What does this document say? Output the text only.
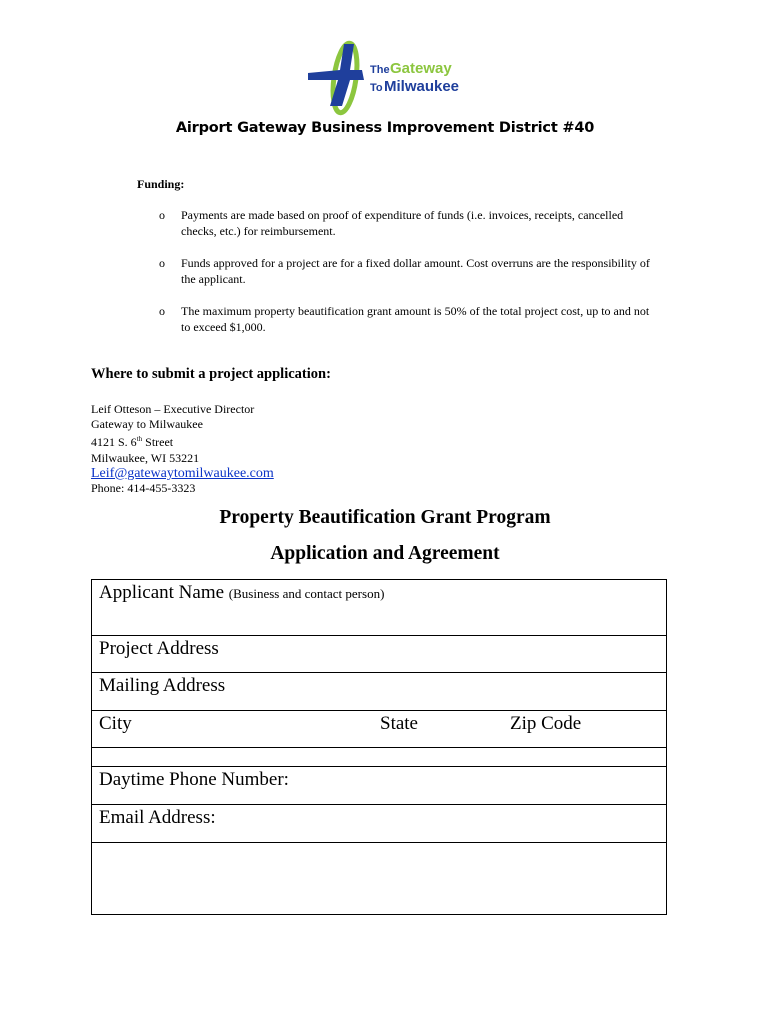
The Gateway
To Milwaukee
Airport Gateway Business Improvement District #40
Funding:
o Payments are made based on proof of expenditure of funds (i.e. invoices, receipts, cancelled
checks, etc.) for reimbursement.
o Funds approved for a project are for a fixed dollar amount. Cost overruns are the responsibility of
the applicant.
o The maximum property beautification grant amount is 50% of the total project cost, up to and not
to exceed $1,000.
Where to submit a project application:
Leif Otteson – Executive Director
Gateway to Milwaukee
4121 S. 6th Street
Milwaukee, WI 53221
Leif@gatewaytomilwaukee.com
Phone: 414-455-3323
Property Beautification Grant Program
Application and Agreement
Applicant Name (Business and contact person)
Project Address
Mailing Address
City	State	Zip Code
Daytime Phone Number:
Email Address:
